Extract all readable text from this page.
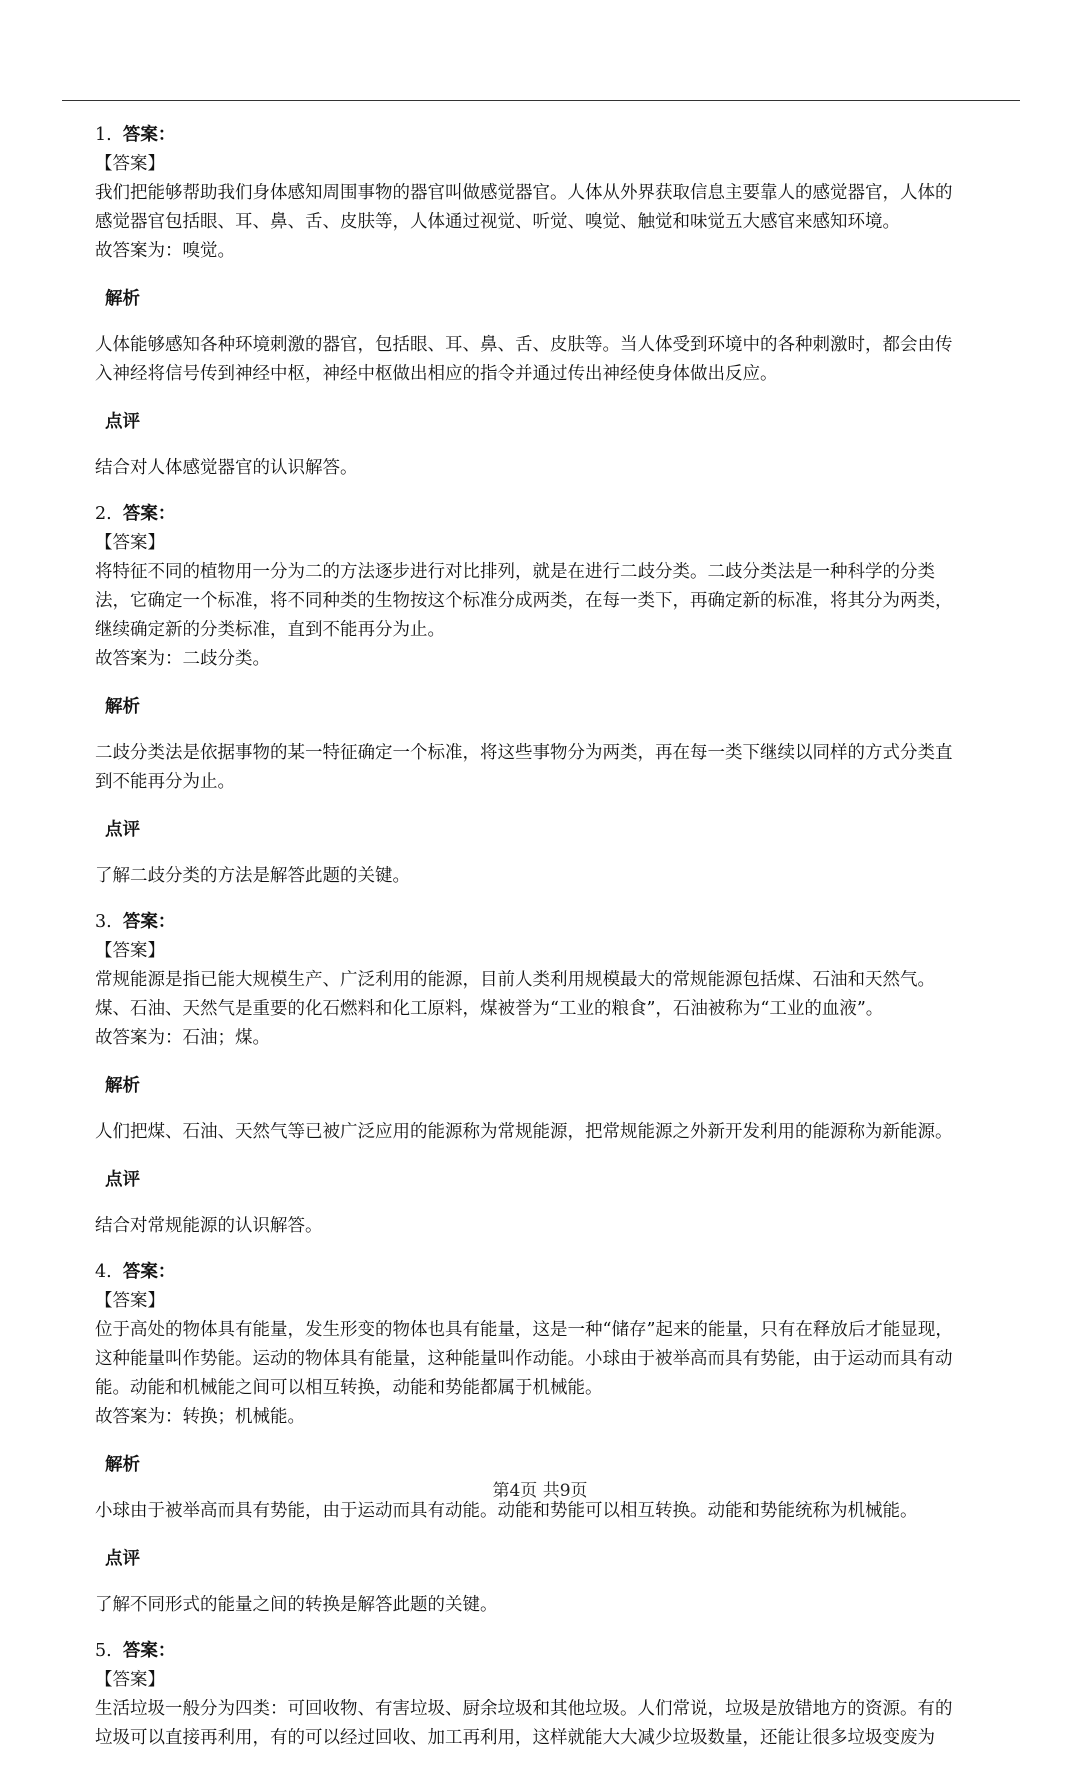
1. 答案：

【答案】

我们把能够帮助我们身体感知周围事物的器官叫做感觉器官。人体从外界获取信息主要靠人的感觉器官，人体的

感觉器官包括眼、耳、鼻、舌、皮肤等，人体通过视觉、听觉、嗅觉、触觉和味觉五大感官来感知环境。

故答案为：嗅觉。

解析

人体能够感知各种环境刺激的器官，包括眼、耳、鼻、舌、皮肤等。当人体受到环境中的各种刺激时，都会由传

入神经将信号传到神经中枢，神经中枢做出相应的指令并通过传出神经使身体做出反应。

点评

结合对人体感觉器官的认识解答。

2. 答案：

【答案】

将特征不同的植物用一分为二的方法逐步进行对比排列，就是在进行二歧分类。二歧分类法是一种科学的分类

法，它确定一个标准，将不同种类的生物按这个标准分成两类，在每一类下，再确定新的标准，将其分为两类，

继续确定新的分类标准，直到不能再分为止。

故答案为：二歧分类。

解析

二歧分类法是依据事物的某一特征确定一个标准，将这些事物分为两类，再在每一类下继续以同样的方式分类直

到不能再分为止。

点评

了解二歧分类的方法是解答此题的关键。

3. 答案：

【答案】

常规能源是指已能大规模生产、广泛利用的能源，目前人类利用规模最大的常规能源包括煤、石油和天然气。

煤、石油、天然气是重要的化石燃料和化工原料，煤被誉为“工业的粮食”，石油被称为“工业的血液”。

故答案为：石油；煤。

解析

人们把煤、石油、天然气等已被广泛应用的能源称为常规能源，把常规能源之外新开发利用的能源称为新能源。

点评

结合对常规能源的认识解答。

4. 答案：

【答案】

位于高处的物体具有能量，发生形变的物体也具有能量，这是一种“储存”起来的能量，只有在释放后才能显现，

这种能量叫作势能。运动的物体具有能量，这种能量叫作动能。小球由于被举高而具有势能，由于运动而具有动

能。动能和机械能之间可以相互转换，动能和势能都属于机械能。

故答案为：转换；机械能。

解析

小球由于被举高而具有势能，由于运动而具有动能。动能和势能可以相互转换。动能和势能统称为机械能。

点评

了解不同形式的能量之间的转换是解答此题的关键。

5. 答案：

【答案】

生活垃圾一般分为四类：可回收物、有害垃圾、厨余垃圾和其他垃圾。人们常说，垃圾是放错地方的资源。有的

垃圾可以直接再利用，有的可以经过回收、加工再利用，这样就能大大减少垃圾数量，还能让很多垃圾变废为

第4页 共9页
